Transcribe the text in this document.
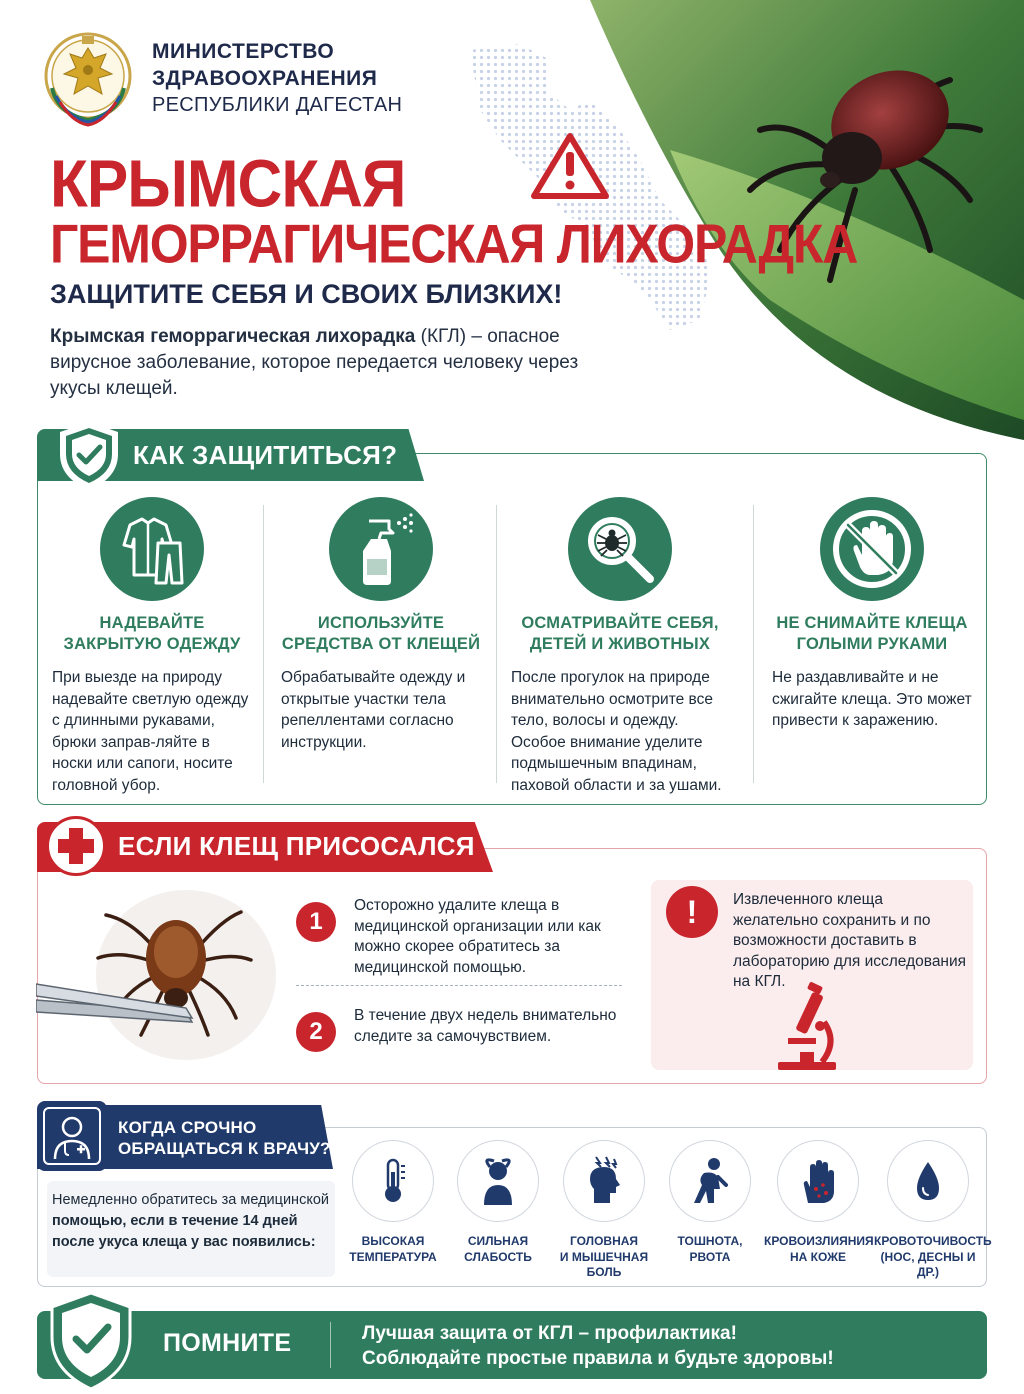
МИНИСТЕРСТВО
ЗДРАВООХРАНЕНИЯ
РЕСПУБЛИКИ ДАГЕСТАН
КРЫМСКАЯ
ГЕМОРРАГИЧЕСКАЯ ЛИХОРАДКА
ЗАЩИТИТЕ СЕБЯ И СВОИХ БЛИЗКИХ!
Крымская геморрагическая лихорадка (КГЛ) – опасное вирусное заболевание, которое передается человеку через укусы клещей.
КАК ЗАЩИТИТЬСЯ?
НАДЕВАЙТЕ
ЗАКРЫТУЮ ОДЕЖДУ
При выезде на природу надевайте светлую одежду с длинными рукавами, брюки заправ-ляйте в носки или сапоги, носите головной убор.
ИСПОЛЬЗУЙТЕ
СРЕДСТВА ОТ КЛЕЩЕЙ
Обрабатывайте одежду и открытые участки тела репеллентами согласно инструкции.
ОСМАТРИВАЙТЕ СЕБЯ,
ДЕТЕЙ И ЖИВОТНЫХ
После прогулок на природе внимательно осмотрите все тело, волосы и одежду. Особое внимание уделите подмышечным впадинам, паховой области и за ушами.
НЕ СНИМАЙТЕ КЛЕЩА
ГОЛЫМИ РУКАМИ
Не раздавливайте и не сжигайте клеща. Это может привести к заражению.
ЕСЛИ КЛЕЩ ПРИСОСАЛСЯ
1
Осторожно удалите клеща в медицинской организации или как можно скорее обратитесь за медицинской помощью.
2
В течение двух недель внимательно следите за самочувствием.
!	Извлеченного клеща желательно сохранить и по возможности доставить в лабораторию для исследования на КГЛ.
КОГДА СРОЧНО
ОБРАЩАТЬСЯ К ВРАЧУ?
Немедленно обратитесь за медицинской помощью, если в течение 14 дней после укуса клеща у вас появились:	ВЫСОКАЯ
ТЕМПЕРАТУРА
СИЛЬНАЯ
СЛАБОСТЬ
ГОЛОВНАЯ
И МЫШЕЧНАЯ
БОЛЬ
ТОШНОТА,
РВОТА
КРОВОИЗЛИЯНИЯ
НА КОЖЕ
КРОВОТОЧИВОСТЬ
(НОС, ДЕСНЫ И ДР.)
ПОМНИТЕ	Лучшая защита от КГЛ – профилактика!
Соблюдайте простые правила и будьте здоровы!
